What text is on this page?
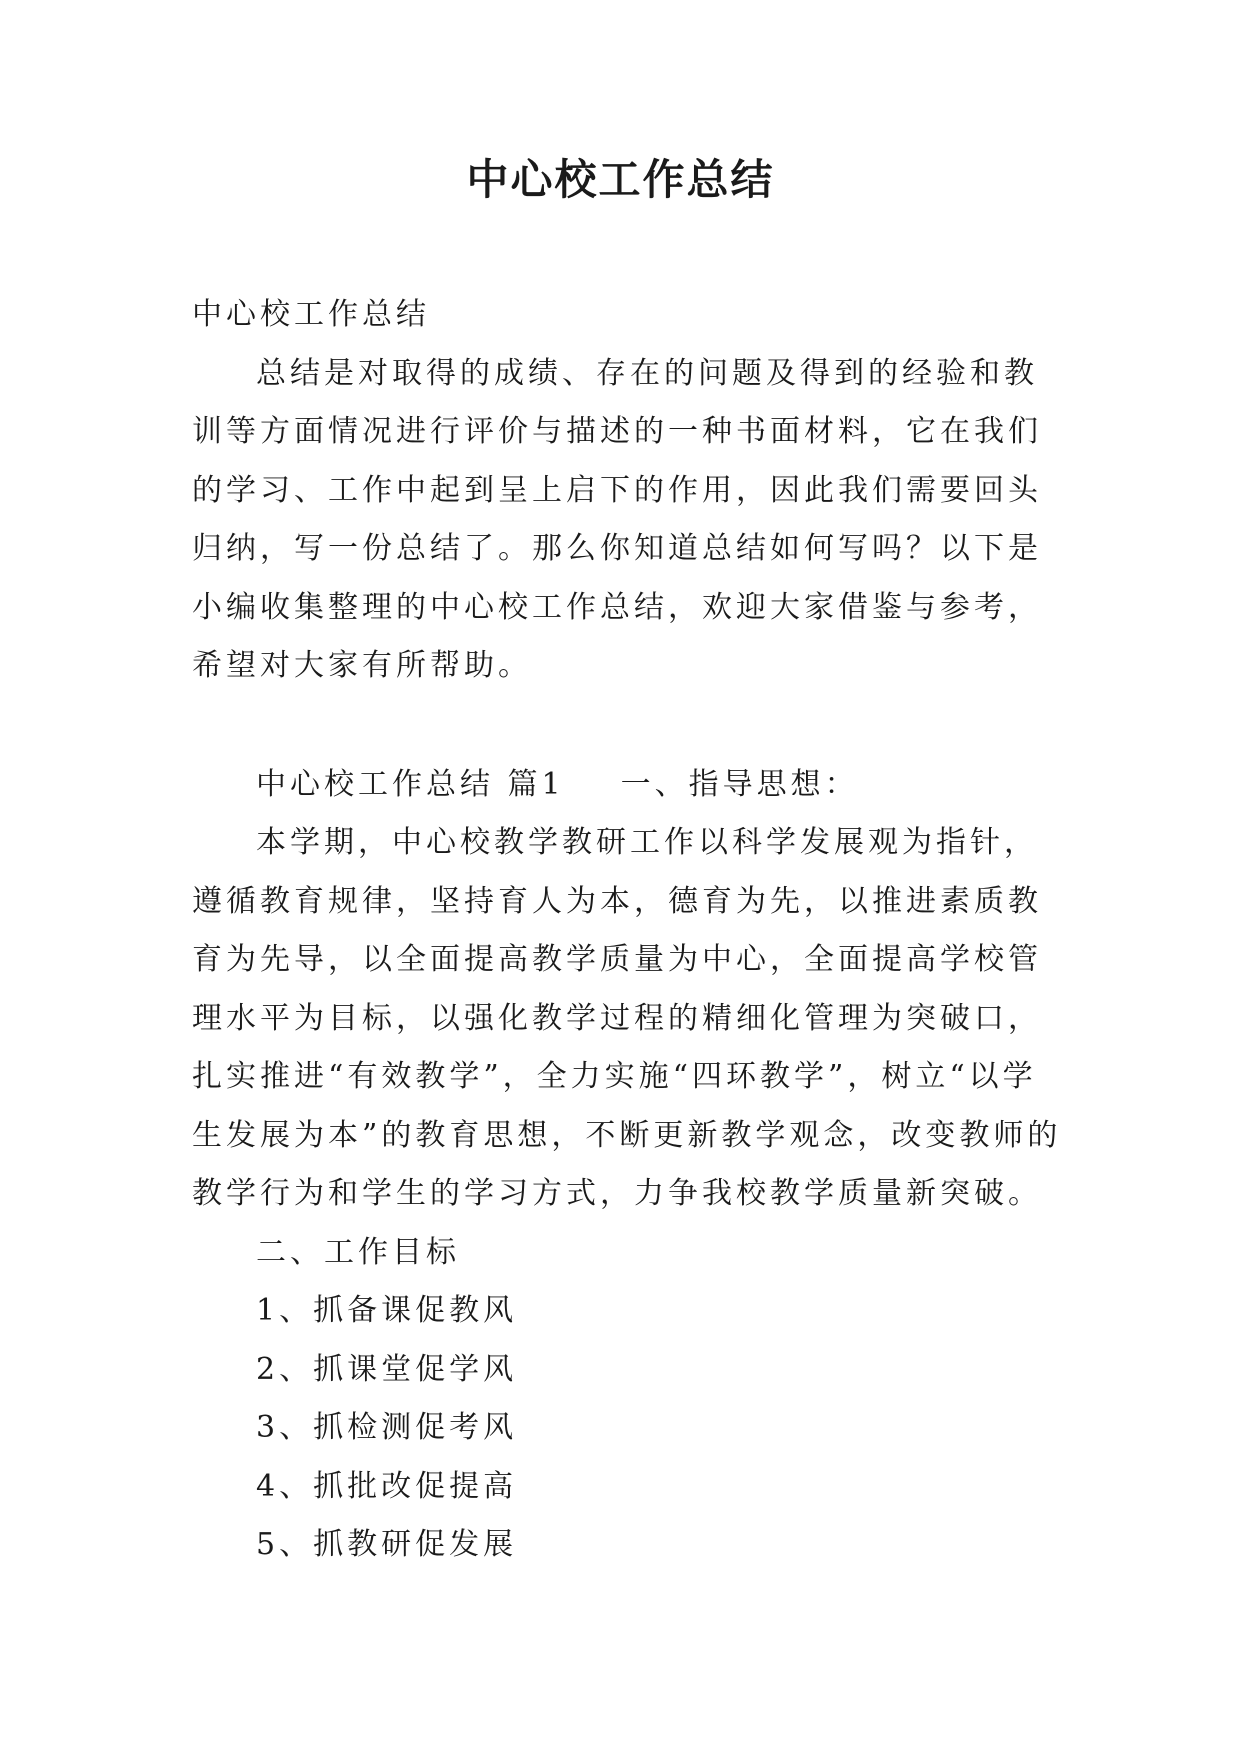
中心校工作总结

中心校工作总结

总结是对取得的成绩、存在的问题及得到的经验和教训等方面情况进行评价与描述的一种书面材料，它在我们的学习、工作中起到呈上启下的作用，因此我们需要回头归纳，写一份总结了。那么你知道总结如何写吗？以下是小编收集整理的中心校工作总结，欢迎大家借鉴与参考，希望对大家有所帮助。

中心校工作总结 篇1 一、指导思想：

本学期，中心校教学教研工作以科学发展观为指针，遵循教育规律，坚持育人为本，德育为先，以推进素质教育为先导，以全面提高教学质量为中心，全面提高学校管理水平为目标，以强化教学过程的精细化管理为突破口，扎实推进“有效教学”，全力实施“四环教学”，树立“以学生发展为本”的教育思想，不断更新教学观念，改变教师的教学行为和学生的学习方式，力争我校教学质量新突破。

二、工作目标

1、抓备课促教风

2、抓课堂促学风

3、抓检测促考风

4、抓批改促提高

5、抓教研促发展
